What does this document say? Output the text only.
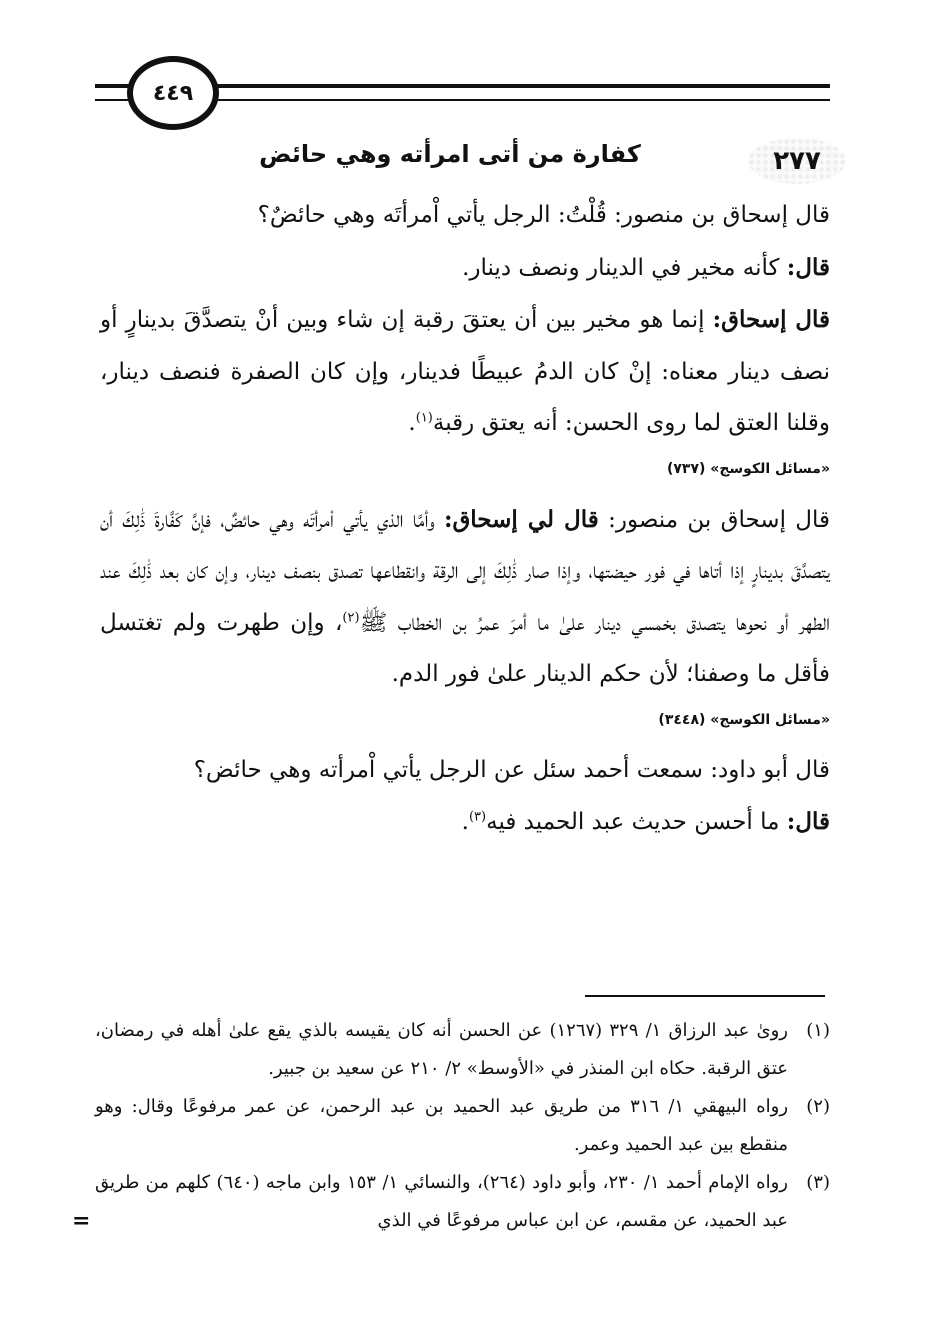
٤٤٩
٢٧٧
كفارة من أتى امرأته وهي حائض

قال إسحاق بن منصور: قُلْتُ: الرجل يأتي اْمرأتَه وهي حائضٌ؟

قال: كأنه مخير في الدينار ونصف دينار.

قال إسحاق: إنما هو مخير بين أن يعتقَ رقبة إن شاء وبين أنْ يتصدَّقَ بدينارٍ أو نصف دينار معناه: إنْ كان الدمُ عبيطًا فدينار، وإن كان الصفرة فنصف دينار، وقلنا العتق لما روى الحسن: أنه يعتق رقبة$^{(١)}$.

«مسائل الكوسج» (٧٣٧)

قال إسحاق بن منصور: قال لي إسحاق: وأمَّا الذي يأتي اْمرأتَه وهي حائضٌ، فإنَّ كَفَّارةَ ذَٰلِكَ أن يتصدَّقَ بدينارٍ إذا أتاها في فور حيضتها، وإذا صار ذَٰلِكَ إلى الرقة وانقطاعها تصدق بنصف دينار، وإن كان بعد ذَٰلِكَ عند الطهر أو نحوها يتصدق بخمسي دينار علىٰ ما أمرَ عمرُ بن الخطاب ﷺ$^{(٢)}$، وإن طهرت ولم تغتسل فأقل ما وصفنا؛ لأن حكم الدينار علىٰ فور الدم.

«مسائل الكوسج» (٣٤٤٨)

قال أبو داود: سمعت أحمد سئل عن الرجل يأتي اْمرأته وهي حائض؟

قال: ما أحسن حديث عبد الحميد فيه$^{(٣)}$.

(١)
رویٰ عبد الرزاق ١/ ٣٢٩ (١٢٦٧) عن الحسن أنه كان يقيسه بالذي يقع علىٰ أهله في رمضان، عتق الرقبة. حكاه ابن المنذر في «الأوسط» ٢/ ٢١٠ عن سعيد بن جبير.
(٢)
رواه البيهقي ١/ ٣١٦ من طريق عبد الحميد بن عبد الرحمن، عن عمر مرفوعًا وقال: وهو منقطع بين عبد الحميد وعمر.
(٣)
رواه الإمام أحمد ١/ ٢٣٠، وأبو داود (٢٦٤)، والنسائي ١/ ١٥٣ وابن ماجه (٦٤٠) كلهم من طريق عبد الحميد، عن مقسم، عن ابن عباس مرفوعًا في الذي
=
